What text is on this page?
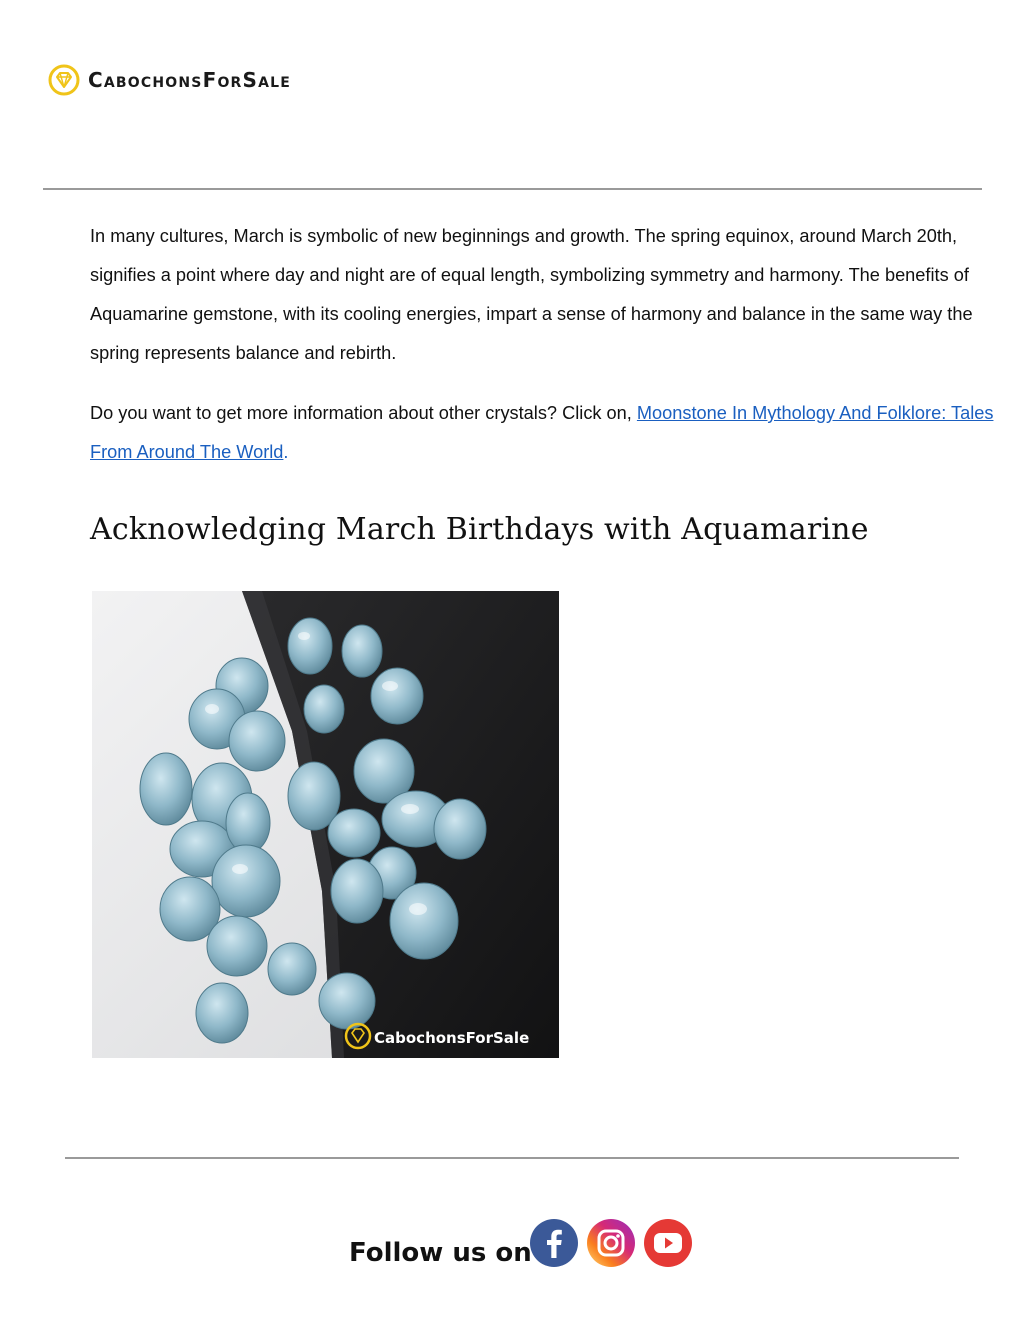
CabochonsForSale

In many cultures, March is symbolic of new beginnings and growth. The spring equinox, around March 20th, signifies a point where day and night are of equal length, symbolizing symmetry and harmony. The benefits of Aquamarine gemstone, with its cooling energies, impart a sense of harmony and balance in the same way the spring represents balance and rebirth.

Do you want to get more information about other crystals? Click on, Moonstone In Mythology And Folklore: Tales From Around The World.

Acknowledging March Birthdays with Aquamarine
CabochonsForSale
Follow us on
